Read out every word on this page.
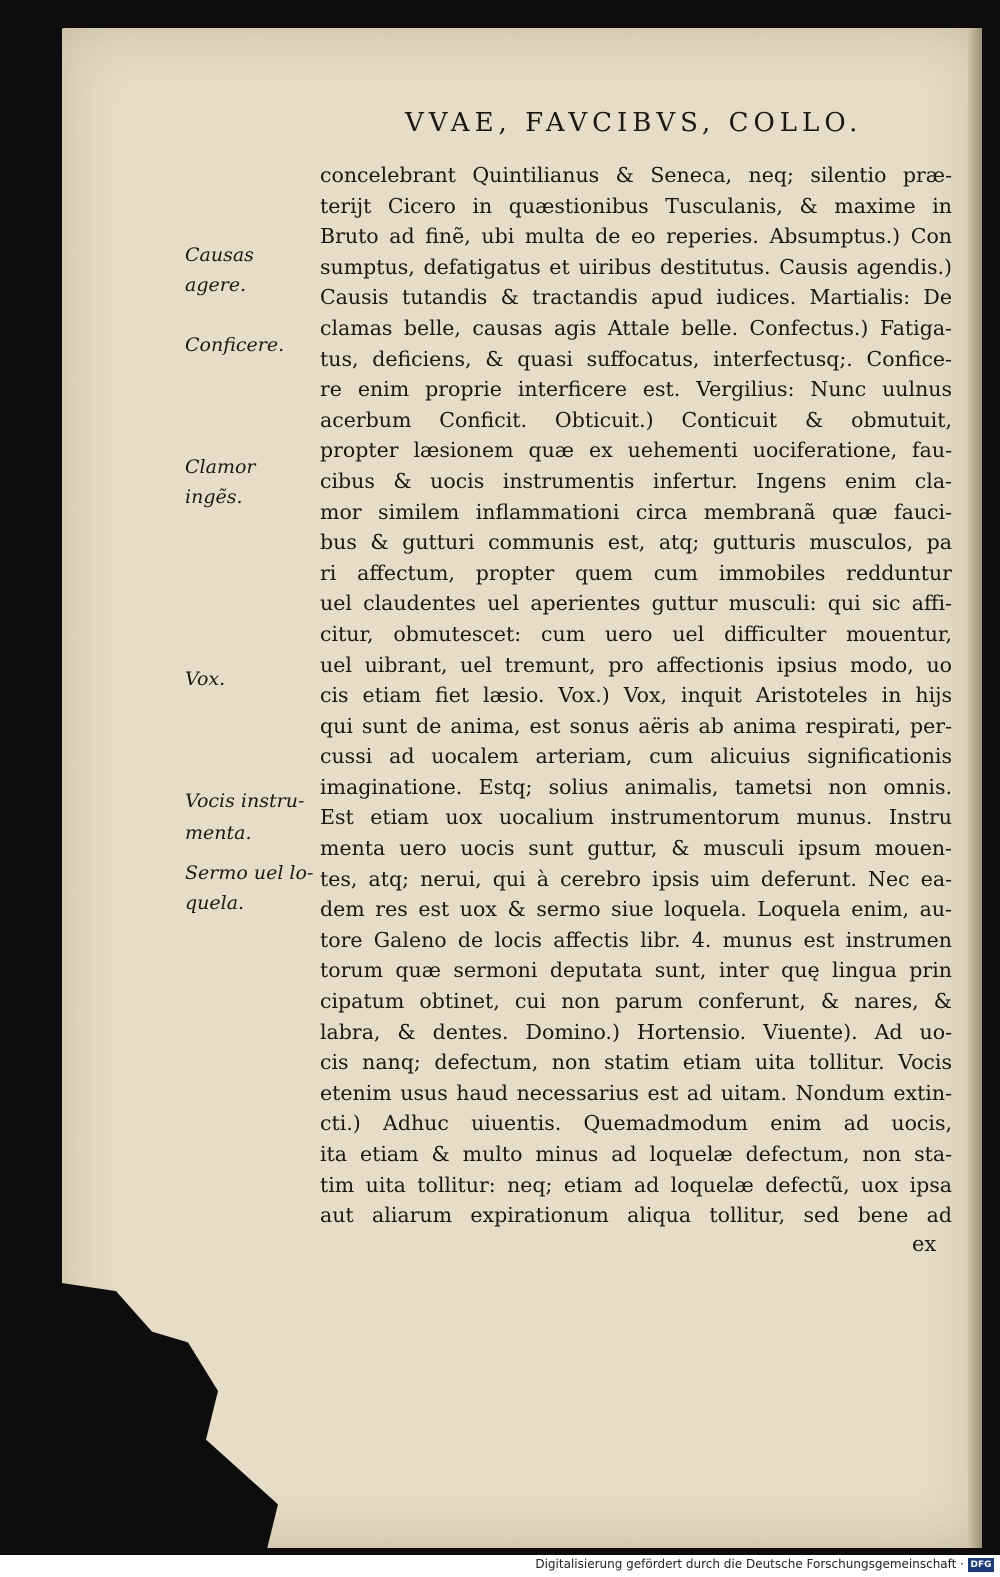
VVAE, FAVCIBVS, COLLO.
Causas agere.
Conficere.
Clamor ingẽs.
Vox.
Vocis instru-
menta.
Sermo uel lo-
quela.
concelebrant Quintilianus & Seneca, neq; silentio præ-
terijt Cicero in quæstionibus Tusculanis, & maxime in
Bruto ad finẽ, ubi multa de eo reperies. Absumptus.) Con
sumptus, defatigatus et uiribus destitutus. Causis agendis.)
Causis tutandis & tractandis apud iudices. Martialis: De
clamas belle, causas agis Attale belle. Confectus.) Fatiga-
tus, deficiens, & quasi suffocatus, interfectusq;. Confice-
re enim proprie interficere est. Vergilius: Nunc uulnus
acerbum Conficit. Obticuit.) Conticuit & obmutuit,
propter læsionem quæ ex uehementi uociferatione, fau-
cibus & uocis instrumentis infertur. Ingens enim cla-
mor similem inflammationi circa membranã quæ fauci-
bus & gutturi communis est, atq; gutturis musculos, pa
ri affectum, propter quem cum immobiles redduntur
uel claudentes uel aperientes guttur musculi: qui sic affi-
citur, obmutescet: cum uero uel difficulter mouentur,
uel uibrant, uel tremunt, pro affectionis ipsius modo, uo
cis etiam fiet læsio. Vox.) Vox, inquit Aristoteles in hijs
qui sunt de anima, est sonus aëris ab anima respirati, per-
cussi ad uocalem arteriam, cum alicuius significationis
imaginatione. Estq; solius animalis, tametsi non omnis.
Est etiam uox uocalium instrumentorum munus. Instru
menta uero uocis sunt guttur, & musculi ipsum mouen-
tes, atq; nerui, qui à cerebro ipsis uim deferunt. Nec ea-
dem res est uox & sermo siue loquela. Loquela enim, au-
tore Galeno de locis affectis libr. 4. munus est instrumen
torum quæ sermoni deputata sunt, inter quę lingua prin
cipatum obtinet, cui non parum conferunt, & nares, &
labra, & dentes. Domino.) Hortensio. Viuente). Ad uo-
cis nanq; defectum, non statim etiam uita tollitur. Vocis
etenim usus haud necessarius est ad uitam. Nondum extin-
cti.) Adhuc uiuentis. Quemadmodum enim ad uocis,
ita etiam & multo minus ad loquelæ defectum, non sta-
tim uita tollitur: neq; etiam ad loquelæ defectũ, uox ipsa
aut aliarum expirationum aliqua tollitur, sed bene ad
ex
Digitalisierung gefördert durch die Deutsche Forschungsgemeinschaft · DFG
